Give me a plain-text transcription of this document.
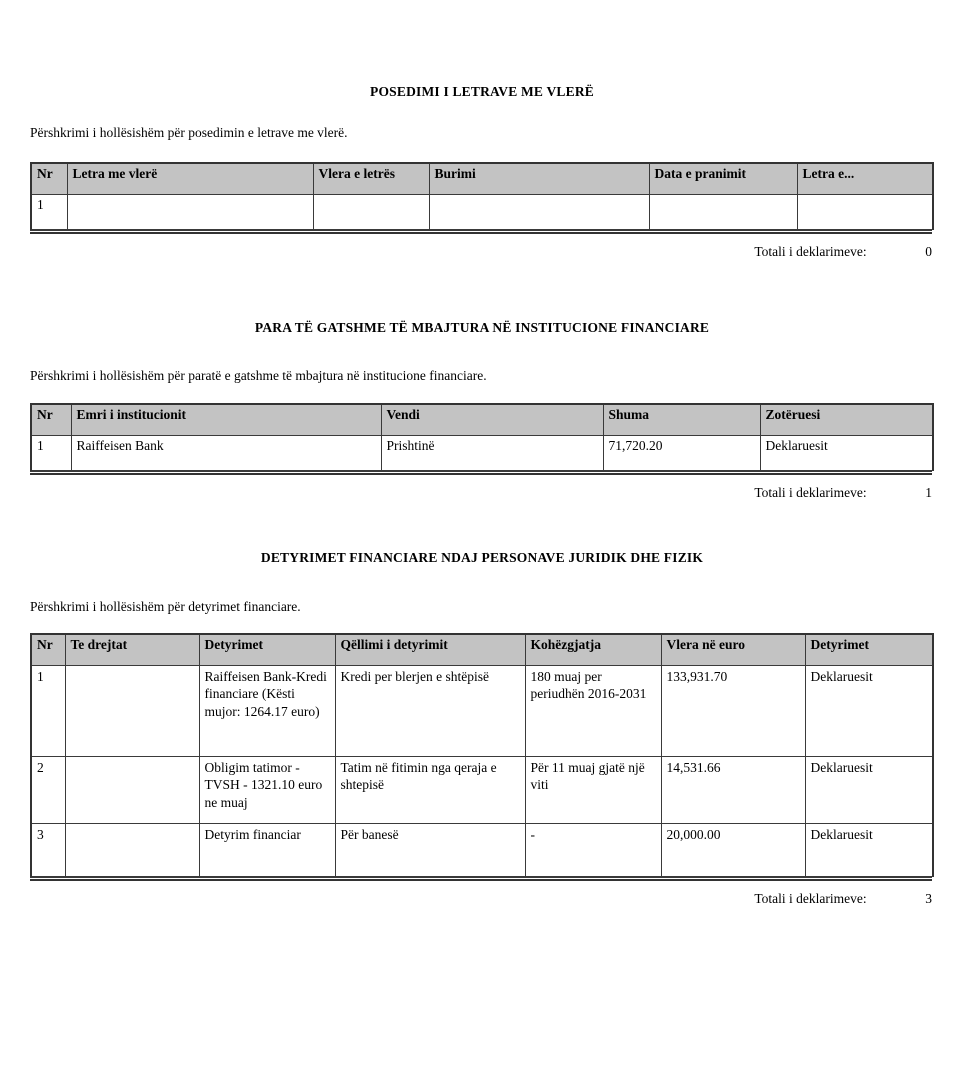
POSEDIMI I LETRAVE ME VLERË
Përshkrimi i hollësishëm për posedimin e letrave me vlerë.
Nr	Letra me vlerë	Vlera e letrës	Burimi	Data e pranimit	Letra e...
1					
Totali i deklarimeve:	0
PARA TË GATSHME TË MBAJTURA NË INSTITUCIONE FINANCIARE
Përshkrimi i hollësishëm për paratë e gatshme të mbajtura në institucione financiare.
Nr	Emri i institucionit	Vendi	Shuma	Zotëruesi
1	Raiffeisen Bank	Prishtinë	71,720.20	Deklaruesit
Totali i deklarimeve:	1
DETYRIMET FINANCIARE NDAJ PERSONAVE JURIDIK DHE FIZIK
Përshkrimi i hollësishëm për detyrimet financiare.
Nr	Te drejtat	Detyrimet	Qëllimi i detyrimit	Kohëzgjatja	Vlera në euro	Detyrimet
1		Raiffeisen Bank-Kredi financiare (Kësti mujor: 1264.17 euro)	Kredi per blerjen e shtëpisë	180 muaj per periudhën 2016-2031	133,931.70	Deklaruesit
2		Obligim tatimor - TVSH - 1321.10 euro ne muaj	Tatim në fitimin nga qeraja e shtepisë	Për 11 muaj gjatë një viti	14,531.66	Deklaruesit
3		Detyrim financiar	Për banesë	-	20,000.00	Deklaruesit
Totali i deklarimeve:	3
